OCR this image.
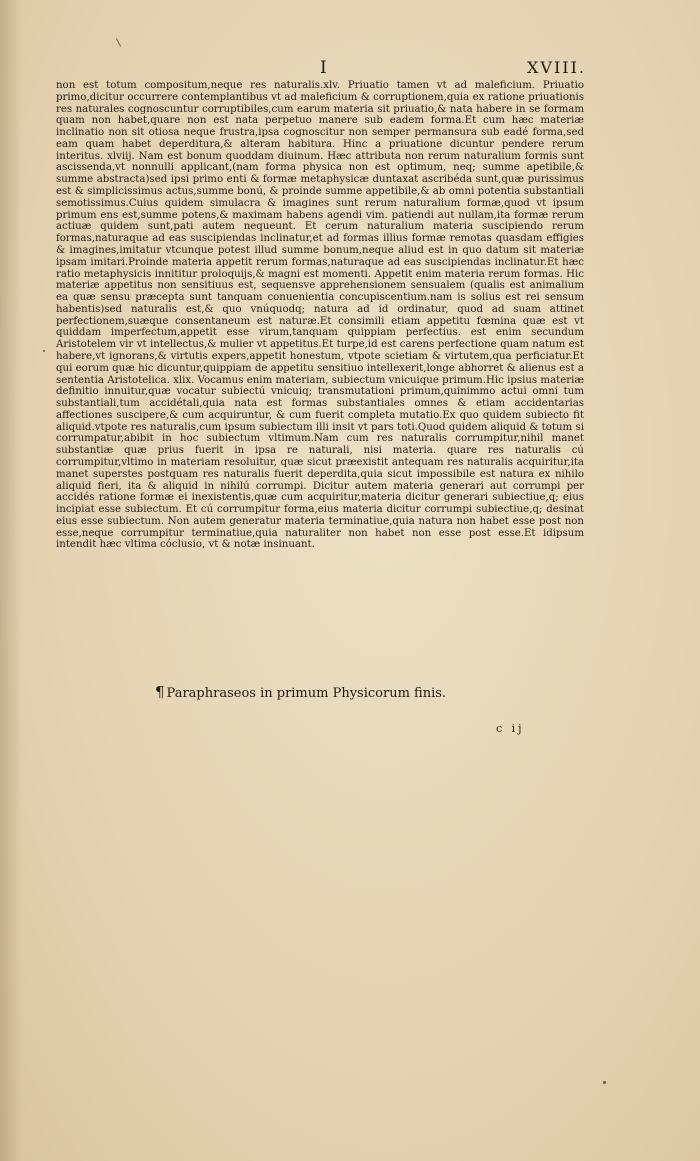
I	XVIII.

non est totum compositum,neque res naturalis.xlv. Priuatio tamen vt ad maleficium. Priuatio primo,dicitur occurrere contemplantibus vt ad maleficium & corruptionem,quia ex ratione priuationis res naturales cognoscuntur corruptibiles,cum earum materia sit priuatio,& nata habere in se formam quam non habet,quare non est nata perpetuo manere sub eadem forma.Et cum hæc materiæ inclinatio non sit otiosa neque frustra,ipsa cognoscitur non semper permansura sub eadé forma,sed eam quam habet deperditura,& alteram habitura. Hinc a priuatione dicuntur pendere rerum interitus. xlviij. Nam est bonum quoddam diuinum. Hæc attributa non rerum naturalium formis sunt ascissenda,vt nonnulli applicant,(nam forma physica non est optimum, neq; summe apetibile,& summe abstracta)sed ipsi primo enti & formæ metaphysicæ duntaxat ascribéda sunt,quæ purissimus est & simplicissimus actus,summe bonú, & proinde summe appetibile,& ab omni potentia substantiali semotissimus.Cuius quidem simulacra & imagines sunt rerum naturalium formæ,quod vt ipsum primum ens est,summe potens,& maximam habens agendi vim. patiendi aut nullam,ita formæ rerum actiuæ quidem sunt,pati autem nequeunt. Et cerum naturalium materia suscipiendo rerum formas,naturaque ad eas suscipiendas inclinatur,et ad formas illius formæ remotas quasdam effigies & imagines,imitatur vtcunque potest illud summe bonum,neque aliud est in quo datum sit materiæ ipsam imitari.Proinde materia appetit rerum formas,naturaque ad eas suscipiendas inclinatur.Et hæc ratio metaphysicis innititur proloquijs,& magni est momenti. Appetit enim materia rerum formas. Hic materiæ appetitus non sensitiuus est, sequensve apprehensionem sensualem (qualis est animalium ea quæ sensu præcepta sunt tanquam conuenientia concupiscentium.nam is solius est rei sensum habentis)sed naturalis est,& quo vnúquodq; natura ad id ordinatur, quod ad suam attinet perfectionem,suæque consentaneum est naturæ.Et consimili etiam appetitu fœmina quæ est vt quiddam imperfectum,appetit esse virum,tanquam quippiam perfectius. est enim secundum Aristotelem vir vt intellectus,& mulier vt appetitus.Et turpe,id est carens perfectione quam natum est habere,vt ignorans,& virtutis expers,appetit honestum, vtpote scietiam & virtutem,qua perficiatur.Et qui eorum quæ hic dicuntur,quippiam de appetitu sensitiuo intellexerit,longe abhorret & alienus est a sententia Aristotelica. xlix. Vocamus enim materiam, subiectum vnicuique primum.Hic ipsius materiæ definitio innuitur,quæ vocatur subiectú vnicuiq; transmutationi primum,quinimmo actui omni tum substantiali,tum accidétali,quia nata est formas substantiales omnes & etiam accidentarias affectiones suscipere,& cum acquiruntur, & cum fuerit completa mutatio.Ex quo quidem subiecto fit aliquid.vtpote res naturalis,cum ipsum subiectum illi insit vt pars toti.Quod quidem aliquid & totum si corrumpatur,abibit in hoc subiectum vltimum.Nam cum res naturalis corrumpitur,nihil manet substantiæ quæ prius fuerit in ipsa re naturali, nisi materia. quare res naturalis cú corrumpitur,vltimo in materiam resoluitur, quæ sicut præexistit antequam res naturalis acquiritur,ita manet superstes postquam res naturalis fuerit deperdita,quia sicut impossibile est natura ex nihilo aliquid fieri, ita & aliquid in nihilú corrumpi. Dicitur autem materia generari aut corrumpi per accidés ratione formæ ei inexistentis,quæ cum acquiritur,materia dicitur generari subiectiue,q; eius incipiat esse subiectum. Et cú corrumpitur forma,eius materia dicitur corrumpi subiectiue,q; desinat eius esse subiectum. Non autem generatur materia terminatiue,quia natura non habet esse post non esse,neque corrumpitur terminatiue,quia naturaliter non habet non esse post esse.Et idipsum intendit hæc vltima cóclusio, vt & notæ insinuant.

¶ Paraphraseos in primum Physicorum finis.
c ij
